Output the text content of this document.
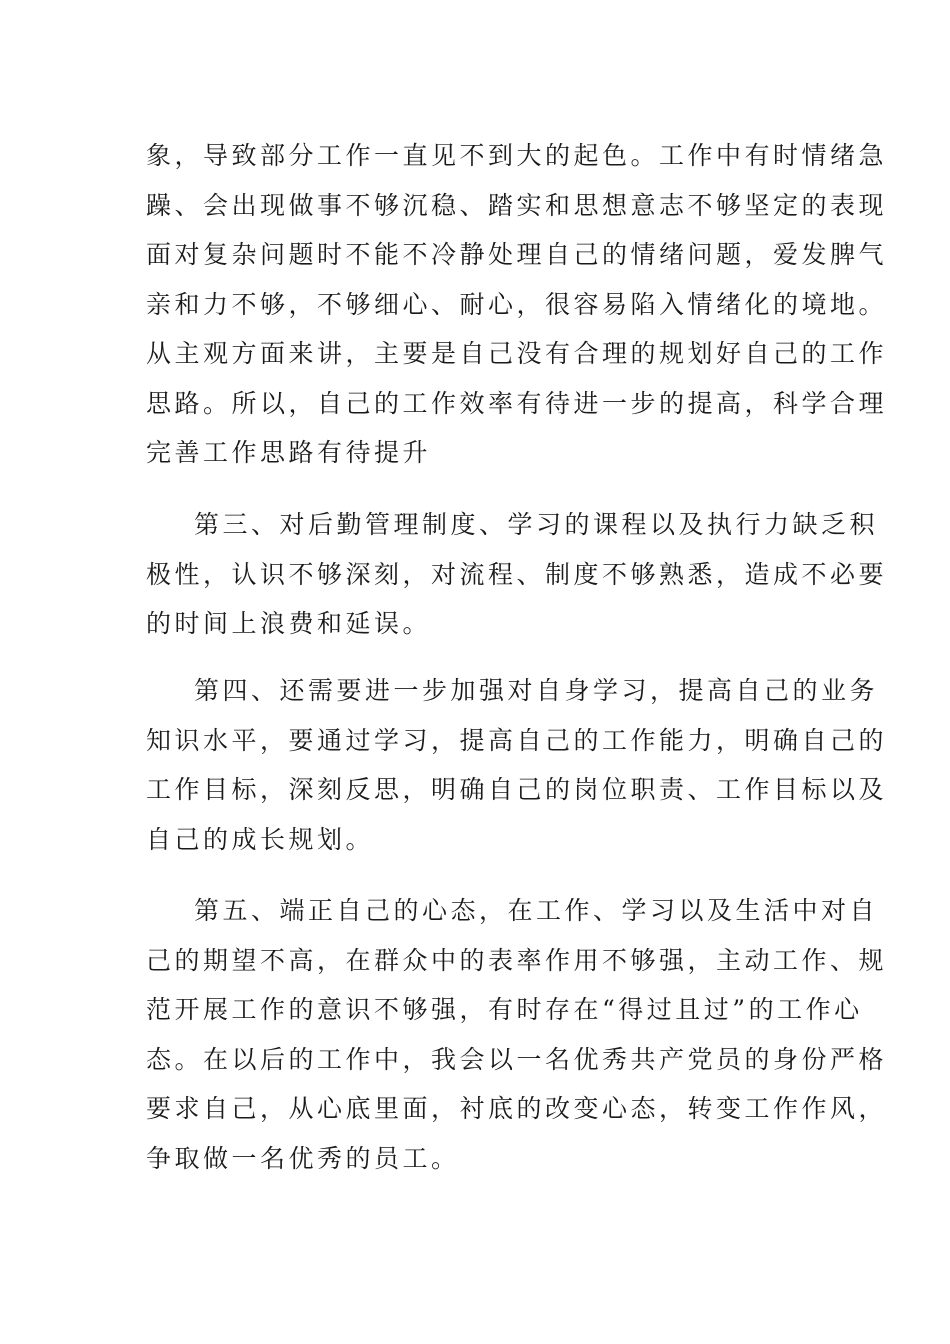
象，导致部分工作一直见不到大的起色。工作中有时情绪急
躁、会出现做事不够沉稳、踏实和思想意志不够坚定的表现
面对复杂问题时不能不冷静处理自己的情绪问题，爱发脾气
亲和力不够，不够细心、耐心，很容易陷入情绪化的境地。
从主观方面来讲，主要是自己没有合理的规划好自己的工作
思路。所以，自己的工作效率有待进一步的提高，科学合理
完善工作思路有待提升
第三、对后勤管理制度、学习的课程以及执行力缺乏积
极性，认识不够深刻，对流程、制度不够熟悉，造成不必要
的时间上浪费和延误。
第四、还需要进一步加强对自身学习，提高自己的业务
知识水平，要通过学习，提高自己的工作能力，明确自己的
工作目标，深刻反思，明确自己的岗位职责、工作目标以及
自己的成长规划。
第五、端正自己的心态，在工作、学习以及生活中对自
己的期望不高，在群众中的表率作用不够强，主动工作、规
范开展工作的意识不够强，有时存在“得过且过”的工作心
态。在以后的工作中，我会以一名优秀共产党员的身份严格
要求自己，从心底里面，衬底的改变心态，转变工作作风，
争取做一名优秀的员工。
